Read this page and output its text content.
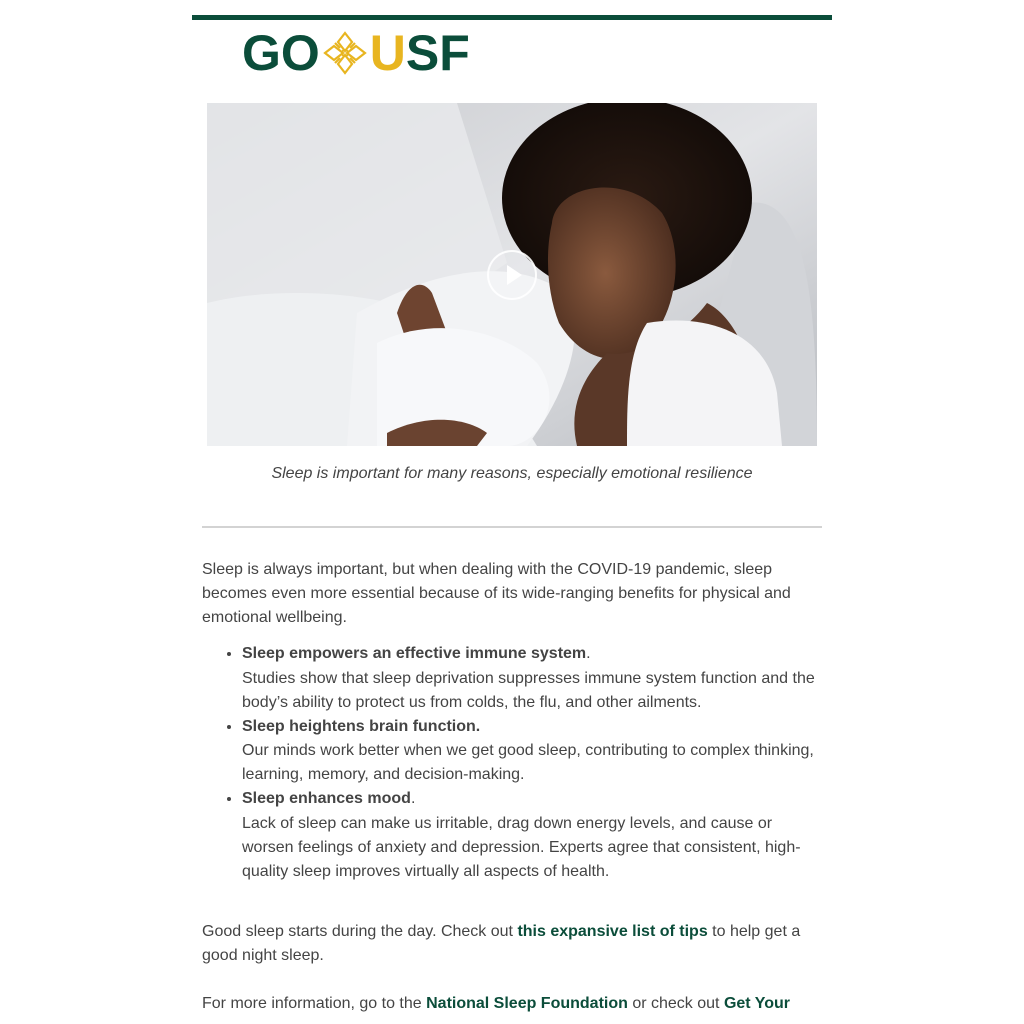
GO U SF
Sleep is important for many reasons, especially emotional resilience

Sleep is always important, but when dealing with the COVID-19 pandemic, sleep becomes even more essential because of its wide-ranging benefits for physical and emotional wellbeing.

• Sleep empowers an effective immune system.
Studies show that sleep deprivation suppresses immune system function and the body’s ability to protect us from colds, the flu, and other ailments.
• Sleep heightens brain function.
Our minds work better when we get good sleep, contributing to complex thinking, learning, memory, and decision-making.
• Sleep enhances mood.
Lack of sleep can make us irritable, drag down energy levels, and cause or worsen feelings of anxiety and depression. Experts agree that consistent, high-quality sleep improves virtually all aspects of health.

Good sleep starts during the day. Check out this expansive list of tips to help get a good night sleep.

For more information, go to the National Sleep Foundation or check out Get Your
